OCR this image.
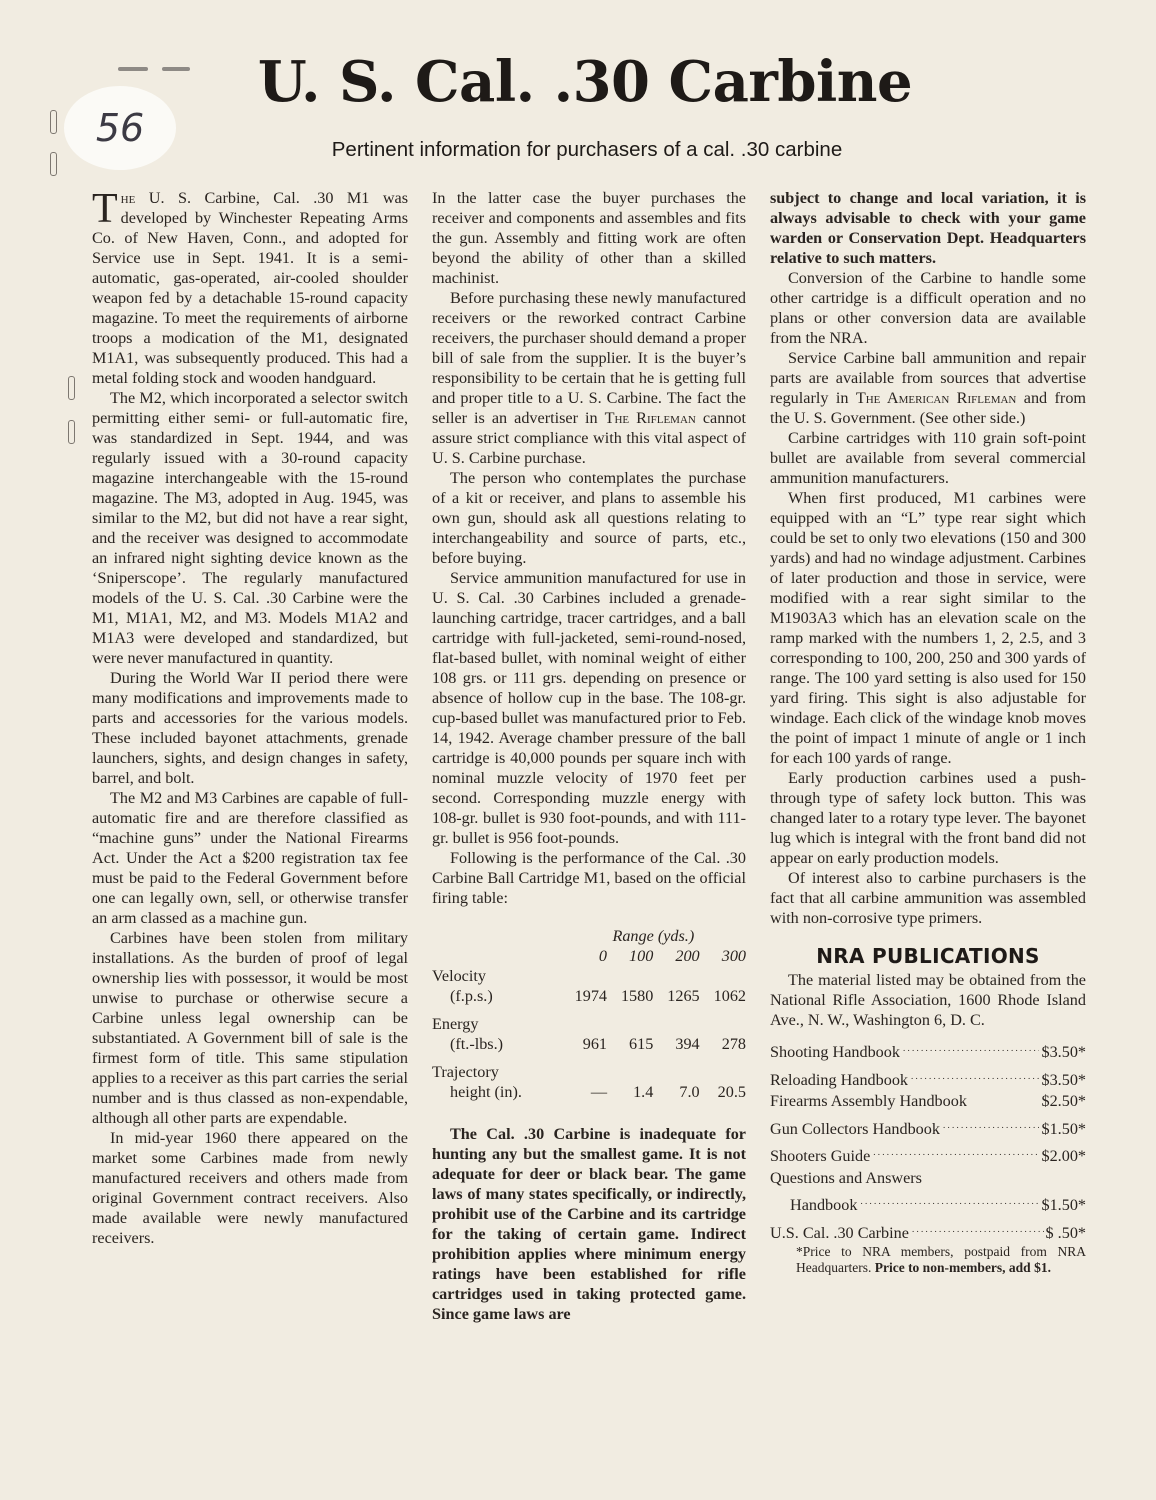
56
U. S. Cal. .30 Carbine
Pertinent information for purchasers of a cal. .30 carbine

The U. S. Carbine, Cal. .30 M1 was developed by Winchester Repeating Arms Co. of New Haven, Conn., and adopted for Service use in Sept. 1941. It is a semi-automatic, gas-operated, air-cooled shoulder weapon fed by a detachable 15-round capacity magazine. To meet the requirements of airborne troops a modication of the M1, designated M1A1, was subsequently produced. This had a metal folding stock and wooden handguard.

The M2, which incorporated a selector switch permitting either semi- or full-automatic fire, was standardized in Sept. 1944, and was regularly issued with a 30-round capacity magazine interchangeable with the 15-round magazine. The M3, adopted in Aug. 1945, was similar to the M2, but did not have a rear sight, and the receiver was designed to accommodate an infrared night sighting device known as the ‘Sniperscope’. The regularly manufactured models of the U. S. Cal. .30 Carbine were the M1, M1A1, M2, and M3. Models M1A2 and M1A3 were developed and standardized, but were never manufactured in quantity.

During the World War II period there were many modifications and improvements made to parts and accessories for the various models. These included bayonet attachments, grenade launchers, sights, and design changes in safety, barrel, and bolt.

The M2 and M3 Carbines are capable of full-automatic fire and are therefore classified as “machine guns” under the National Firearms Act. Under the Act a $200 registration tax fee must be paid to the Federal Government before one can legally own, sell, or otherwise transfer an arm classed as a machine gun.

Carbines have been stolen from military installations. As the burden of proof of legal ownership lies with possessor, it would be most unwise to purchase or otherwise secure a Carbine unless legal ownership can be substantiated. A Government bill of sale is the firmest form of title. This same stipulation applies to a receiver as this part carries the serial number and is thus classed as non-expendable, although all other parts are expendable.

In mid-year 1960 there appeared on the market some Carbines made from newly manufactured receivers and others made from original Government contract receivers. Also made available were newly manufactured receivers.

In the latter case the buyer purchases the receiver and components and assembles and fits the gun. Assembly and fitting work are often beyond the ability of other than a skilled machinist.

Before purchasing these newly manufactured receivers or the reworked contract Carbine receivers, the purchaser should demand a proper bill of sale from the supplier. It is the buyer’s responsibility to be certain that he is getting full and proper title to a U. S. Carbine. The fact the seller is an advertiser in The Rifleman cannot assure strict compliance with this vital aspect of U. S. Carbine purchase.

The person who contemplates the purchase of a kit or receiver, and plans to assemble his own gun, should ask all questions relating to interchangeability and source of parts, etc., before buying.

Service ammunition manufactured for use in U. S. Cal. .30 Carbines included a grenade-launching cartridge, tracer cartridges, and a ball cartridge with full-jacketed, semi-round-nosed, flat-based bullet, with nominal weight of either 108 grs. or 111 grs. depending on presence or absence of hollow cup in the base. The 108-gr. cup-based bullet was manufactured prior to Feb. 14, 1942. Average chamber pressure of the ball cartridge is 40,000 pounds per square inch with nominal muzzle velocity of 1970 feet per second. Corresponding muzzle energy with 108-gr. bullet is 930 foot-pounds, and with 111-gr. bullet is 956 foot-pounds.

Following is the performance of the Cal. .30 Carbine Ball Cartridge M1, based on the official firing table:

	Range (yds.)			
	0	100	200	300
Velocity				
(f.p.s.)	1974	1580	1265	1062

Energy				
(ft.-lbs.)	961	615	394	278

Trajectory				
height (in).	—	1.4	7.0	20.5

The Cal. .30 Carbine is inadequate for hunting any but the smallest game. It is not adequate for deer or black bear. The game laws of many states specifically, or indirectly, prohibit use of the Carbine and its cartridge for the taking of certain game. Indirect prohibition applies where minimum energy ratings have been established for rifle cartridges used in taking protected game. Since game laws are

subject to change and local variation, it is always advisable to check with your game warden or Conservation Dept. Headquarters relative to such matters.

Conversion of the Carbine to handle some other cartridge is a difficult operation and no plans or other conversion data are available from the NRA.

Service Carbine ball ammunition and repair parts are available from sources that advertise regularly in The American Rifleman and from the U. S. Government. (See other side.)

Carbine cartridges with 110 grain soft-point bullet are available from several commercial ammunition manufacturers.

When first produced, M1 carbines were equipped with an “L” type rear sight which could be set to only two elevations (150 and 300 yards) and had no windage adjustment. Carbines of later production and those in service, were modified with a rear sight similar to the M1903A3 which has an elevation scale on the ramp marked with the numbers 1, 2, 2.5, and 3 corresponding to 100, 200, 250 and 300 yards of range. The 100 yard setting is also used for 150 yard firing. This sight is also adjustable for windage. Each click of the windage knob moves the point of impact 1 minute of angle or 1 inch for each 100 yards of range.

Early production carbines used a push-through type of safety lock button. This was changed later to a rotary type lever. The bayonet lug which is integral with the front band did not appear on early production models.

Of interest also to carbine purchasers is the fact that all carbine ammunition was assembled with non-corrosive type primers.

NRA PUBLICATIONS

The material listed may be obtained from the National Rifle Association, 1600 Rhode Island Ave., N. W., Washington 6, D. C.

Shooting Handbook . . .	$3.50*
Reloading Handbook . . .	$3.50*
Firearms Assembly Handbook	$2.50*
Gun Collectors Handbook . . .	$1.50*
Shooters Guide . . .	$2.00*
Questions and Answers
Handbook . . .	$1.50*
U.S. Cal. .30 Carbine . . .	$ .50*

*Price to NRA members, postpaid from NRA Headquarters. Price to non-members, add $1.
